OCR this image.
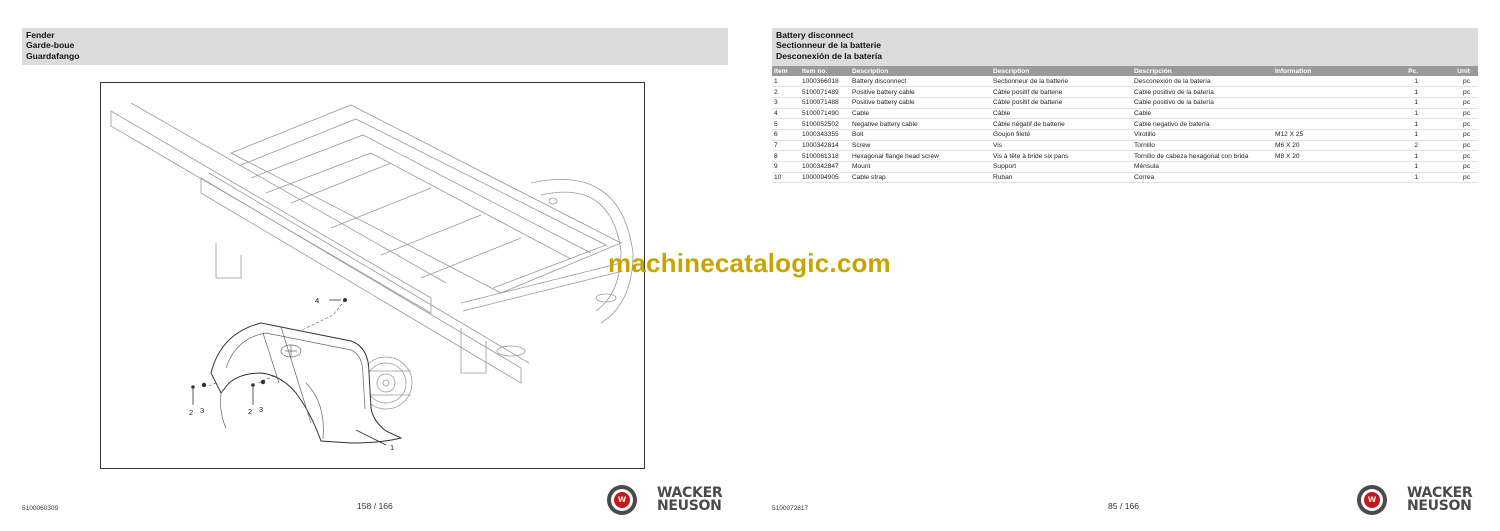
Fender
Garde-boue
Guardafango
4
2 3	2 3
1
5100060309	158 / 166
w WACKER
NEUSON
Battery disconnect
Sectionneur de la batterie
Desconexión de la batería
Item	Item no.	Description	Description	Descripción	Information	Pc.	Unit
1	1000366018	Battery disconnect	Sectionneur de la batterie	Desconexión de la batería		1	pc
2	5100071489	Positive battery cable	Câble positif de batterie	Cable positivo de la batería		1	pc
3	5100071488	Positive battery cable	Câble positif de batterie	Cable positivo de la batería		1	pc
4	5100071490	Cable	Câble	Cable		1	pc
5	5100052502	Negative battery cable	Câble négatif de batterie	Cable negativo de batería		1	pc
6	1000343355	Bolt	Goujon fileté	Virotillo	M12 X 25	1	pc
7	1000342814	Screw	Vis	Tornillo	M6 X 20	2	pc
8	5100061318	Hexagonal flange head screw	Vis à tête à bride six pans	Tornillo de cabeza hexagonal con brida	M8 X 20	1	pc
9	1000342847	Mount	Support	Ménsula		1	pc
10	1000094905	Cable strap	Ruban	Correa		1	pc
5100072817	85 / 166
w WACKER
NEUSON
machinecatalogic.com
